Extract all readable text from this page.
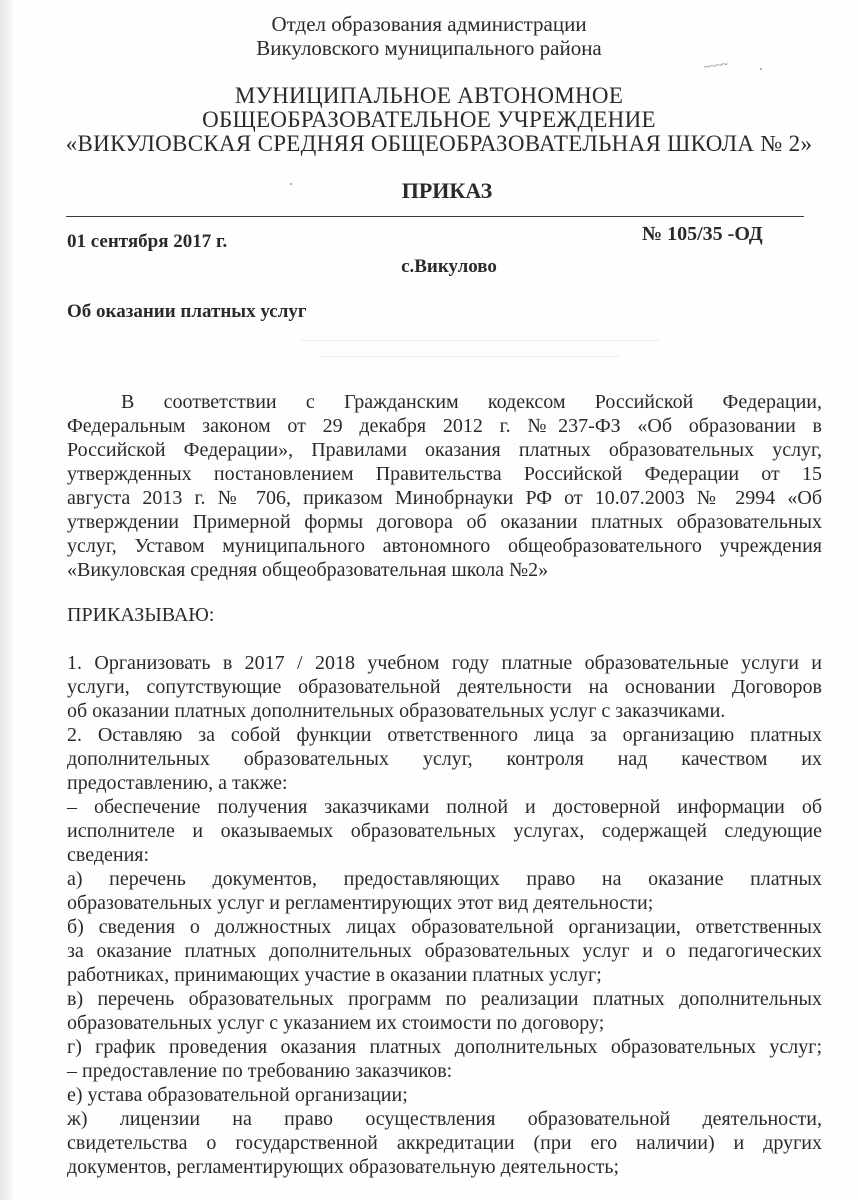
Отдел образования администрации
Викуловского муниципального района
~~~~
МУНИЦИПАЛЬНОЕ АВТОНОМНОЕ
ОБЩЕОБРАЗОВАТЕЛЬНОЕ УЧРЕЖДЕНИЕ
«ВИКУЛОВСКАЯ СРЕДНЯЯ ОБЩЕОБРАЗОВАТЕЛЬНАЯ ШКОЛА № 2»
ПРИКАЗ
01 сентября 2017 г.	№ 105/35 -ОД
с.Викулово
Об оказании платных услуг
В соответствии с Гражданским кодексом Российской Федерации,
Федеральным законом от 29 декабря 2012 г. №237-ФЗ «Об образовании в
Российской Федерации», Правилами оказания платных образовательных услуг,
утвержденных постановлением Правительства Российской Федерации от 15
августа 2013 г. № 706, приказом Минобрнауки РФ от 10.07.2003 № 2994 «Об
утверждении Примерной формы договора об оказании платных образовательных
услуг, Уставом муниципального автономного общеобразовательного учреждения
«Викуловская средняя общеобразовательная школа №2»
ПРИКАЗЫВАЮ:
1. Организовать в 2017 / 2018 учебном году платные образовательные услуги и
услуги, сопутствующие образовательной деятельности на основании Договоров
об оказании платных дополнительных образовательных услуг с заказчиками.
2. Оставляю за собой функции ответственного лица за организацию платных
дополнительных образовательных услуг, контроля над качеством их
предоставлению, а также:
– обеспечение получения заказчиками полной и достоверной информации об
исполнителе и оказываемых образовательных услугах, содержащей следующие
сведения:
а) перечень документов, предоставляющих право на оказание платных
образовательных услуг и регламентирующих этот вид деятельности;
б) сведения о должностных лицах образовательной организации, ответственных
за оказание платных дополнительных образовательных услуг и о педагогических
работниках, принимающих участие в оказании платных услуг;
в) перечень образовательных программ по реализации платных дополнительных
образовательных услуг с указанием их стоимости по договору;
г) график проведения оказания платных дополнительных образовательных услуг;
– предоставление по требованию заказчиков:
е) устава образовательной организации;
ж) лицензии на право осуществления образовательной деятельности,
свидетельства о государственной аккредитации (при его наличии) и других
документов, регламентирующих образовательную деятельность;
